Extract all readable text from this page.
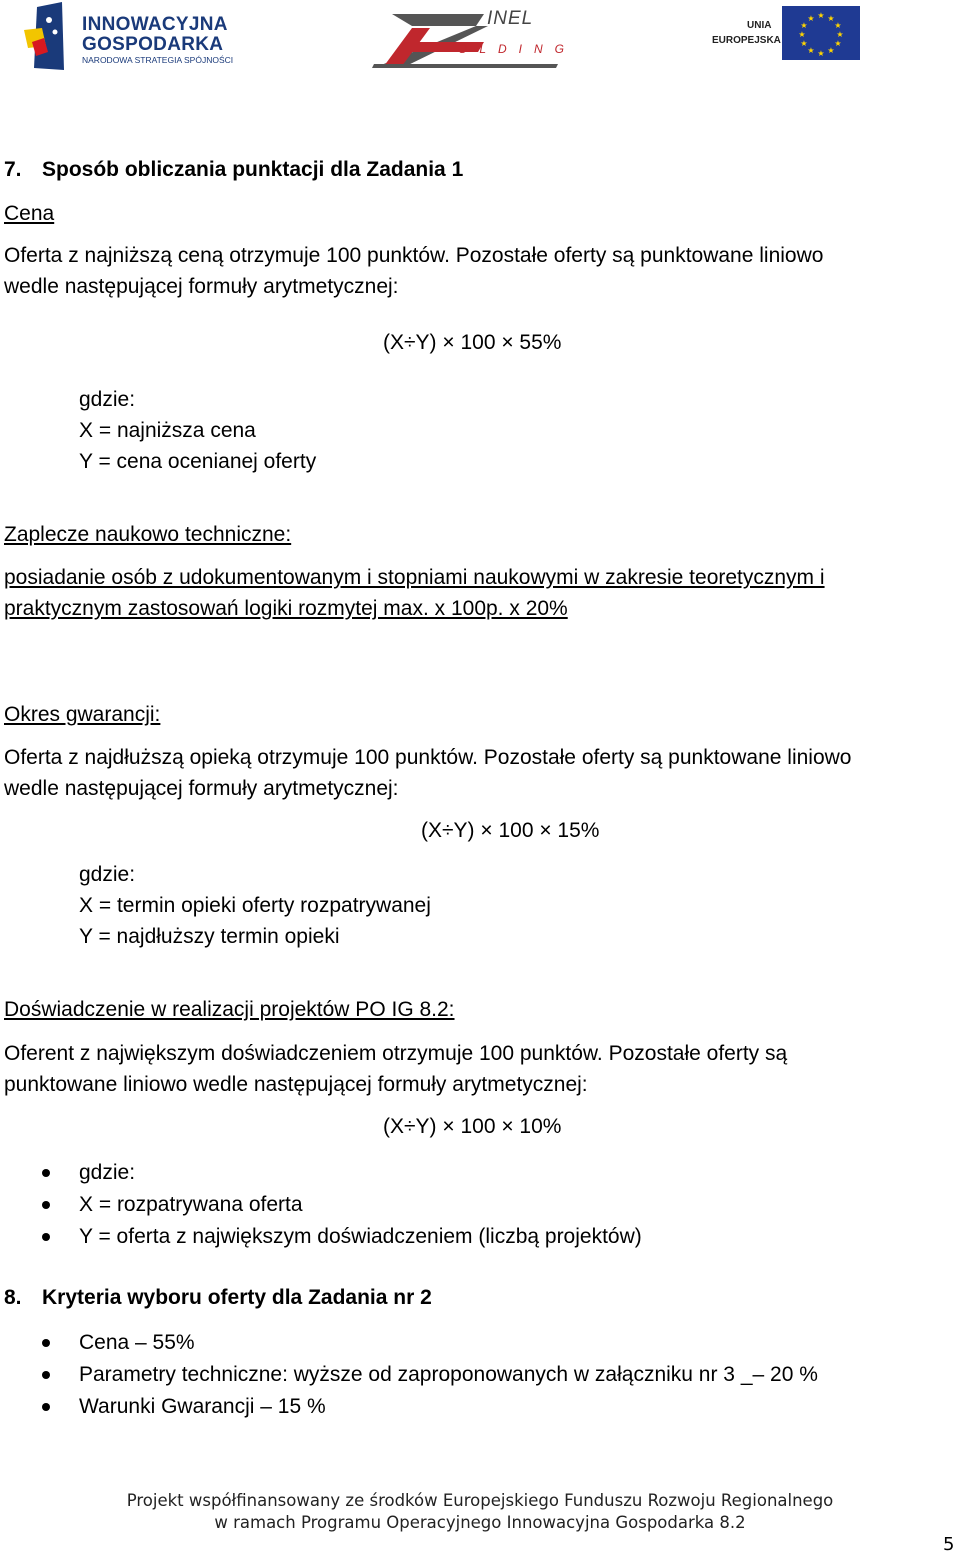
INNOWACYJNA
GOSPODARKA
NARODOWA STRATEGIA SPÓJNOŚCI
INEL
OLDING
UNIA
EUROPEJSKA
★ ★
★
★
★
★
★
★
★
★
★
★
7. Sposób obliczania punktacji dla Zadania 1
Cena
Oferta z najniższą ceną otrzymuje 100 punktów. Pozostałe oferty są punktowane liniowo
wedle następującej formuły arytmetycznej:
(X÷Y) × 100 × 55%
gdzie:
X = najniższa cena
Y = cena ocenianej oferty
Zaplecze naukowo techniczne:
posiadanie osób z udokumentowanym i stopniami naukowymi w zakresie teoretycznym i
praktycznym zastosowań logiki rozmytej max. x 100p. x 20%
Okres gwarancji:
Oferta z najdłuższą opieką otrzymuje 100 punktów. Pozostałe oferty są punktowane liniowo
wedle następującej formuły arytmetycznej:
(X÷Y) × 100 × 15%
gdzie:
X = termin opieki oferty rozpatrywanej
Y = najdłuższy termin opieki
Doświadczenie w realizacji projektów PO IG 8.2:
Oferent z największym doświadczeniem otrzymuje 100 punktów. Pozostałe oferty są
punktowane liniowo wedle następującej formuły arytmetycznej:
(X÷Y) × 100 × 10%
gdzie:
X = rozpatrywana oferta
Y = oferta z największym doświadczeniem (liczbą projektów)
8. Kryteria wyboru oferty dla Zadania nr 2
Cena – 55%
Parametry techniczne: wyższe od zaproponowanych w załączniku nr 3 _– 20 %
Warunki Gwarancji – 15 %
Projekt współfinansowany ze środków Europejskiego Funduszu Rozwoju Regionalnego
w ramach Programu Operacyjnego Innowacyjna Gospodarka 8.2
5
